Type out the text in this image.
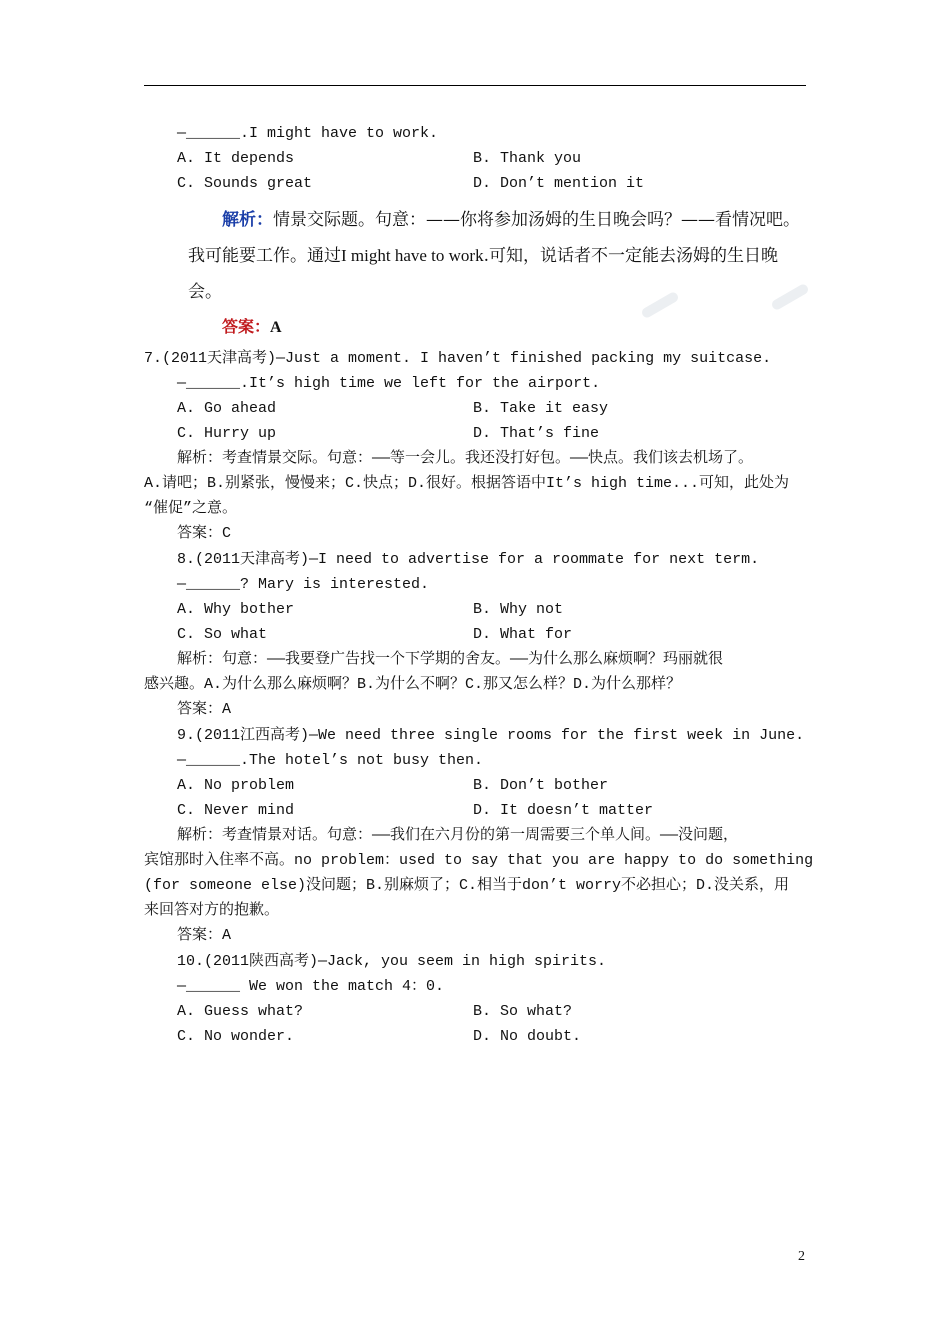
—______.I might have to work.
A. It depends	B. Thank you
C. Sounds great	D. Don’t mention it
解析：情景交际题。句意：——你将参加汤姆的生日晚会吗？——看情况吧。
我可能要工作。通过I might have to work.可知，说话者不一定能去汤姆的生日晚
会。
答案：A
7.(2011天津高考)—Just a moment. I haven’t finished packing my suitcase.
—______.It’s high time we left for the airport.
A. Go ahead	B. Take it easy
C. Hurry up	D. That’s fine
解析：考查情景交际。句意：——等一会儿。我还没打好包。——快点。我们该去机场了。
A.请吧；B.别紧张，慢慢来；C.快点；D.很好。根据答语中It’s high time...可知，此处为
“催促”之意。
答案：C
8.(2011天津高考)—I need to advertise for a roommate for next term.
—______? Mary is interested.
A. Why bother	B. Why not
C. So what	D. What for
解析：句意：——我要登广告找一个下学期的舍友。——为什么那么麻烦啊？玛丽就很
感兴趣。A.为什么那么麻烦啊？B.为什么不啊？C.那又怎么样？D.为什么那样？
答案：A
9.(2011江西高考)—We need three single rooms for the first week in June.
—______.The hotel’s not busy then.
A. No problem	B. Don’t bother
C. Never mind	D. It doesn’t matter
解析：考查情景对话。句意：——我们在六月份的第一周需要三个单人间。——没问题，
宾馆那时入住率不高。no problem：used to say that you are happy to do something
(for someone else)没问题；B.别麻烦了；C.相当于don’t worry不必担心；D.没关系，用
来回答对方的抱歉。
答案：A
10.(2011陕西高考)—Jack, you seem in high spirits.
—______ We won the match 4：0.
A. Guess what?	B. So what?
C. No wonder.	D. No doubt.
2
